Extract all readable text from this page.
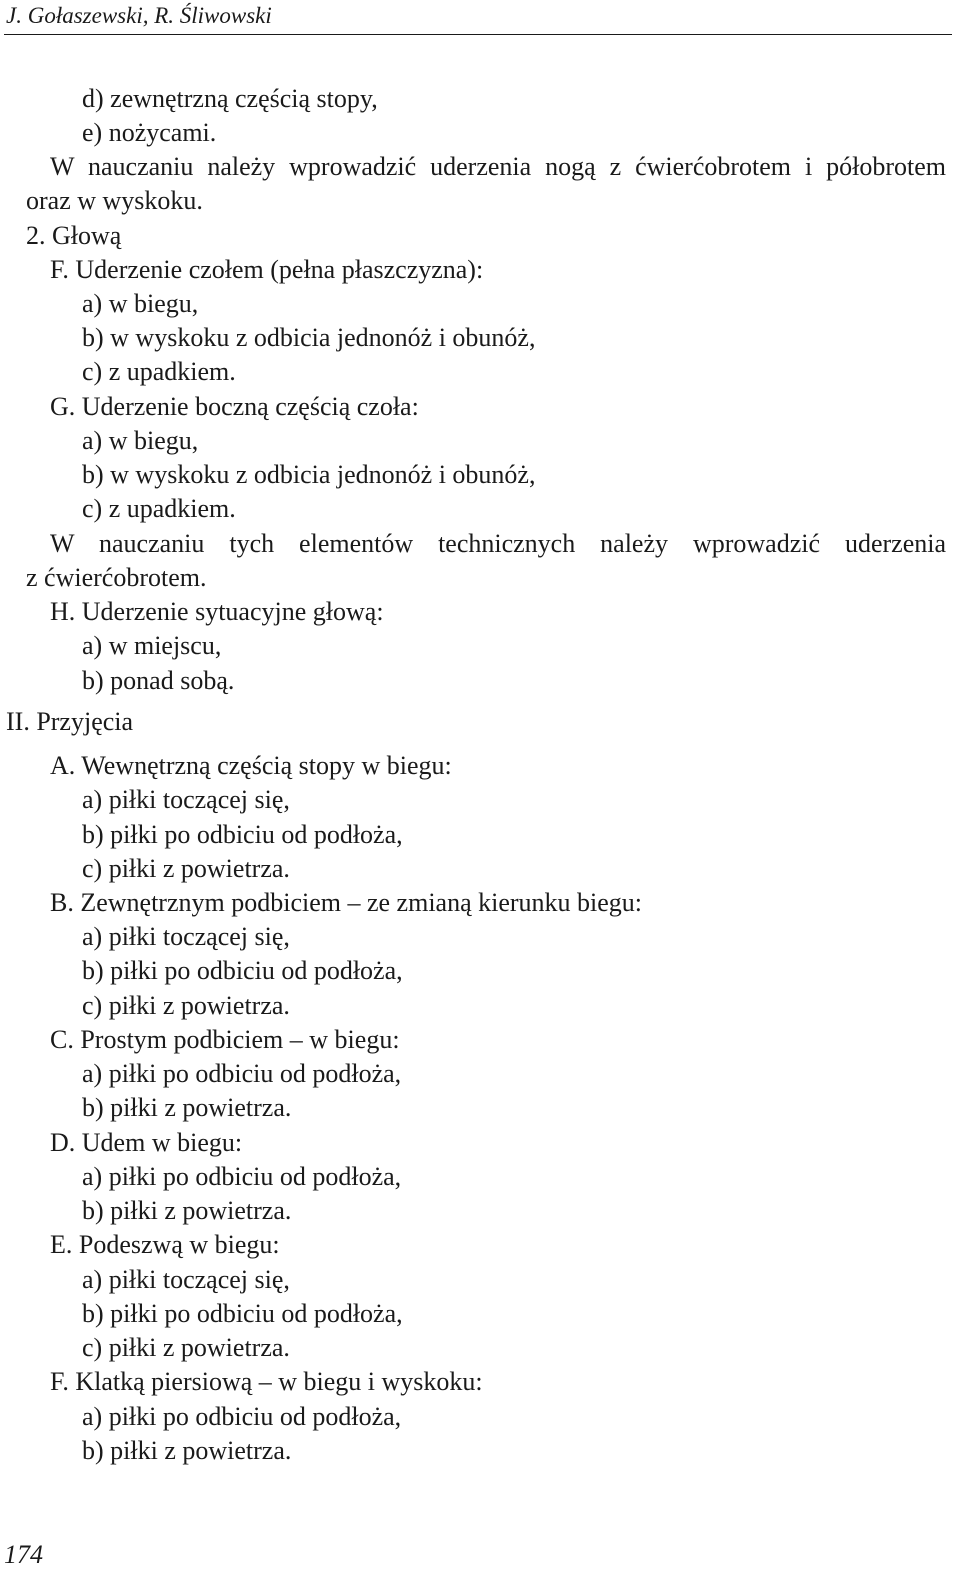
J. Gołaszewski, R. Śliwowski
d) zewnętrzną częścią stopy,
e) nożycami.
W nauczaniu należy wprowadzić uderzenia nogą z ćwierćobrotem i półobrotem
oraz w wyskoku.
2. Głową
F. Uderzenie czołem (pełna płaszczyzna):
a) w biegu,
b) w wyskoku z odbicia jednonóż i obunóż,
c) z upadkiem.
G. Uderzenie boczną częścią czoła:
a) w biegu,
b) w wyskoku z odbicia jednonóż i obunóż,
c) z upadkiem.
W nauczaniu tych elementów technicznych należy wprowadzić uderzenia
z ćwierćobrotem.
H. Uderzenie sytuacyjne głową:
a) w miejscu,
b) ponad sobą.
II. Przyjęcia
A. Wewnętrzną częścią stopy w biegu:
a) piłki toczącej się,
b) piłki po odbiciu od podłoża,
c) piłki z powietrza.
B. Zewnętrznym podbiciem – ze zmianą kierunku biegu:
a) piłki toczącej się,
b) piłki po odbiciu od podłoża,
c) piłki z powietrza.
C. Prostym podbiciem – w biegu:
a) piłki po odbiciu od podłoża,
b) piłki z powietrza.
D. Udem w biegu:
a) piłki po odbiciu od podłoża,
b) piłki z powietrza.
E. Podeszwą w biegu:
a) piłki toczącej się,
b) piłki po odbiciu od podłoża,
c) piłki z powietrza.
F. Klatką piersiową – w biegu i wyskoku:
a) piłki po odbiciu od podłoża,
b) piłki z powietrza.
174
